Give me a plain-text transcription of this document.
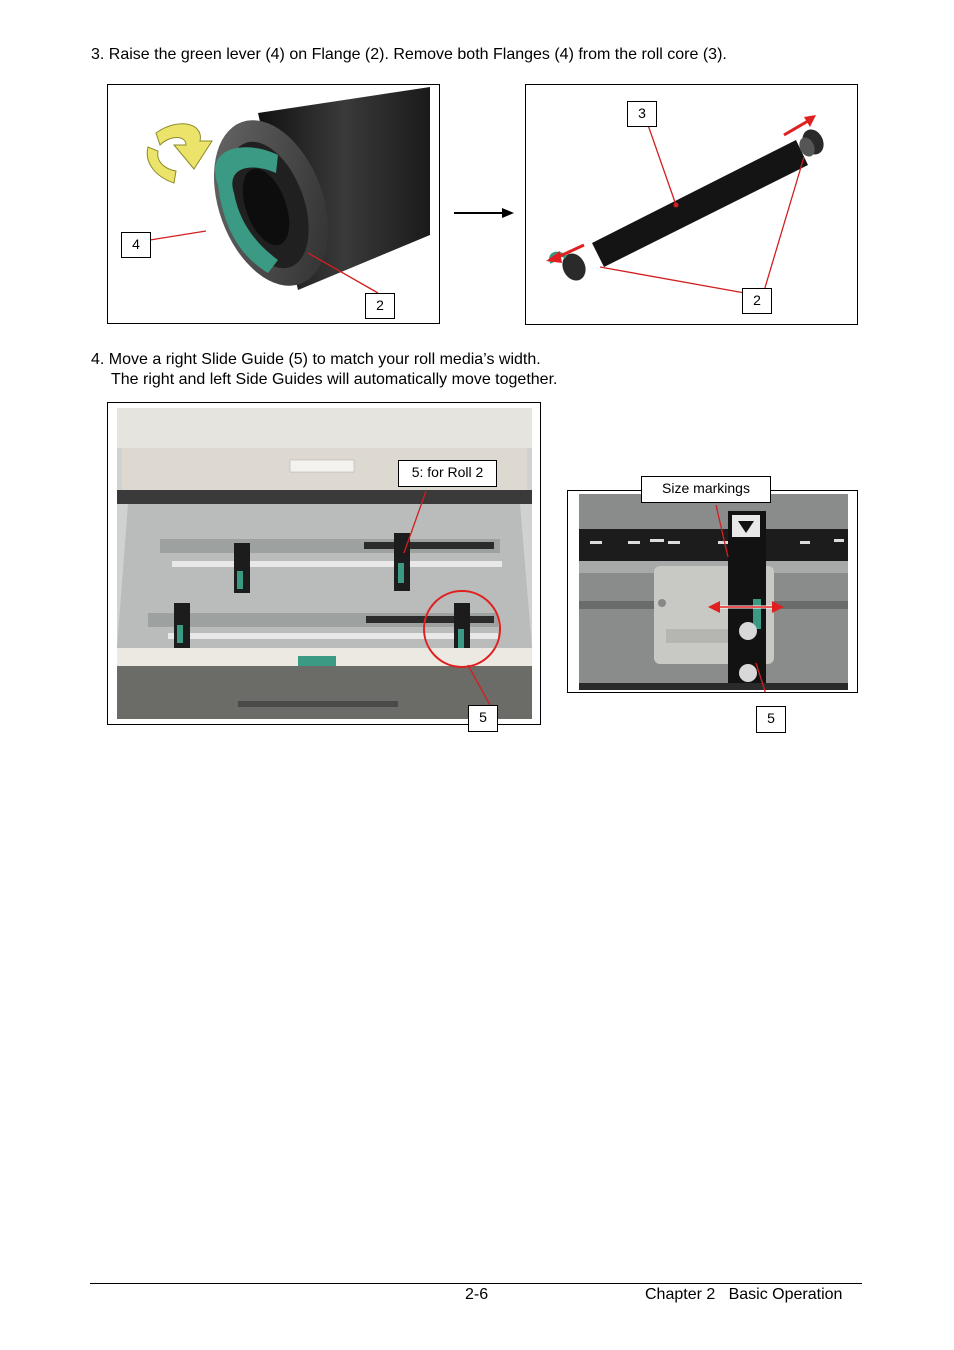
3. Raise the green lever (4) on Flange (2). Remove both Flanges (4) from the roll core (3).
4
2
3
2
4. Move a right Slide Guide (5) to match your roll media’s width.
The right and left Side Guides will automatically move together.
5: for Roll 2
5
Size markings
5
2-6	Chapter 2   Basic Operation
